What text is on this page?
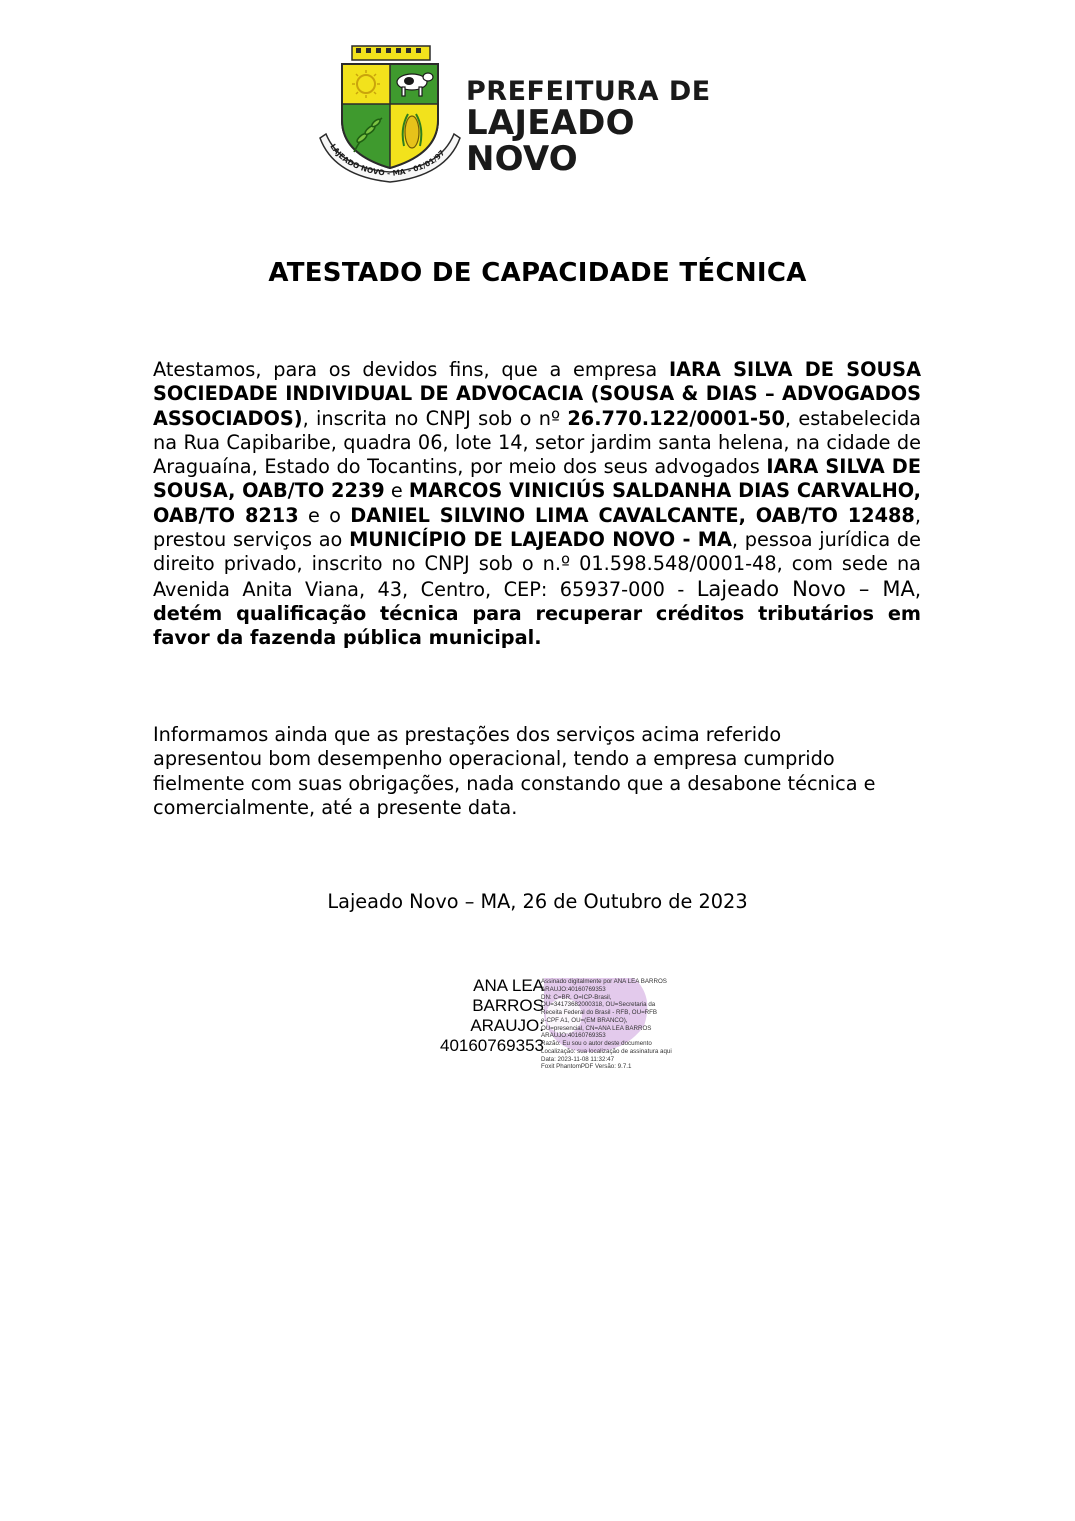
LAJEADO NOVO - MA - 01/01/97
PREFEITURA DE
LAJEADO NOVO
ATESTADO DE CAPACIDADE TÉCNICA
Atestamos, para os devidos fins, que a empresa IARA SILVA DE SOUSA SOCIEDADE INDIVIDUAL DE ADVOCACIA (SOUSA & DIAS – ADVOGADOS ASSOCIADOS), inscrita no CNPJ sob o nº 26.770.122/0001-50, estabelecida na Rua Capibaribe, quadra 06, lote 14, setor jardim santa helena, na cidade de Araguaína, Estado do Tocantins, por meio dos seus advogados IARA SILVA DE SOUSA, OAB/TO 2239 e MARCOS VINICIÚS SALDANHA DIAS CARVALHO, OAB/TO 8213 e o DANIEL SILVINO LIMA CAVALCANTE, OAB/TO 12488, prestou serviços ao MUNICÍPIO DE LAJEADO NOVO - MA, pessoa jurídica de direito privado, inscrito no CNPJ sob o n.º 01.598.548/0001-48, com sede na Avenida Anita Viana, 43, Centro, CEP: 65937-000 - Lajeado Novo – MA, detém qualificação técnica para recuperar créditos tributários em favor da fazenda pública municipal.
Informamos ainda que as prestações dos serviços acima referido
apresentou bom desempenho operacional, tendo a empresa cumprido
fielmente com suas obrigações, nada constando que a desabone técnica e
comercialmente, até a presente data.
Lajeado Novo – MA, 26 de Outubro de 2023
ANA LEA
BARROS
ARAUJO:
40160769353
Assinado digitalmente por ANA LEA BARROS
ARAUJO:40160769353
DN: C=BR, O=ICP-Brasil,
OU=34173682000318, OU=Secretaria da
Receita Federal do Brasil - RFB, OU=RFB
e-CPF A1, OU=(EM BRANCO),
OU=presencial, CN=ANA LEA BARROS
ARAUJO:40160769353
Razão: Eu sou o autor deste documento
Localização: sua localização de assinatura aqui
Data: 2023-11-08 11:32:47
Foxit PhantomPDF Versão: 9.7.1
